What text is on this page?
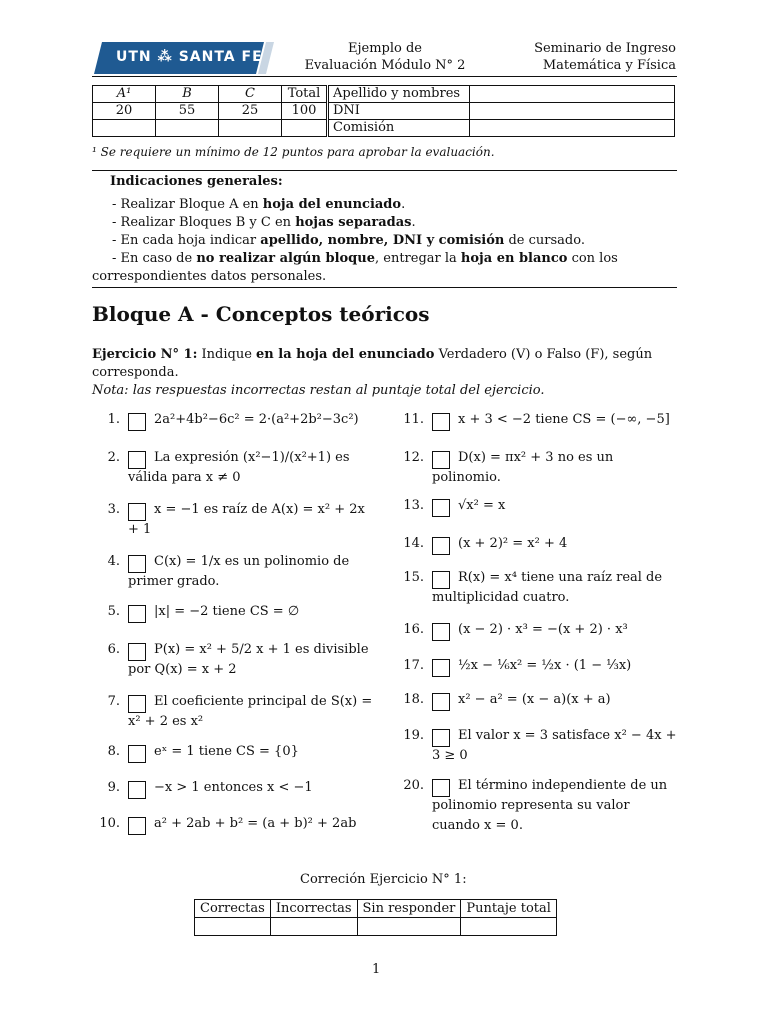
UTN ⁂ SANTA FE
Ejemplo de
Evaluación Módulo N° 2
Seminario de Ingreso
Matemática y Física
A¹	B	C	Total	Apellido y nombres	
20	55	25	100	DNI	
				Comisión	
¹ Se requiere un mínimo de 12 puntos para aprobar la evaluación.
Indicaciones generales:
- Realizar Bloque A en hoja del enunciado.
- Realizar Bloques B y C en hojas separadas.
- En cada hoja indicar apellido, nombre, DNI y comisión de cursado.
- En caso de no realizar algún bloque, entregar la hoja en blanco con los correspondientes datos personales.
Bloque A - Conceptos teóricos
Ejercicio N° 1: Indique en la hoja del enunciado Verdadero (V) o Falso (F), según corresponda.
Nota: las respuestas incorrectas restan al puntaje total del ejercicio.
1.	2a²+4b²−6c² = 2·(a²+2b²−3c²)
2.	La expresión (x²−1)/(x²+1) es válida para x ≠ 0
3.	x = −1 es raíz de A(x) = x² + 2x + 1
4.	C(x) = 1/x es un polinomio de primer grado.
5.	|x| = −2 tiene CS = ∅
6.	P(x) = x² + 5/2 x + 1 es divisible por Q(x) = x + 2
7.	El coeficiente principal de S(x) = x² + 2 es x²
8.	eˣ = 1 tiene CS = {0}
9.	−x > 1 entonces x < −1
10.	a² + 2ab + b² = (a + b)² + 2ab
11.	x + 3 < −2 tiene CS = (−∞, −5]
12.	D(x) = πx² + 3 no es un polinomio.
13.	√x² = x
14.	(x + 2)² = x² + 4
15.	R(x) = x⁴ tiene una raíz real de multiplicidad cuatro.
16.	(x − 2) · x³ = −(x + 2) · x³
17.	½x − ⅙x² = ½x · (1 − ⅓x)
18.	x² − a² = (x − a)(x + a)
19.	El valor x = 3 satisface x² − 4x + 3 ≥ 0
20.	El término independiente de un polinomio representa su valor cuando x = 0.
Correción Ejercicio N° 1:
Correctas	Incorrectas	Sin responder	Puntaje total

1
